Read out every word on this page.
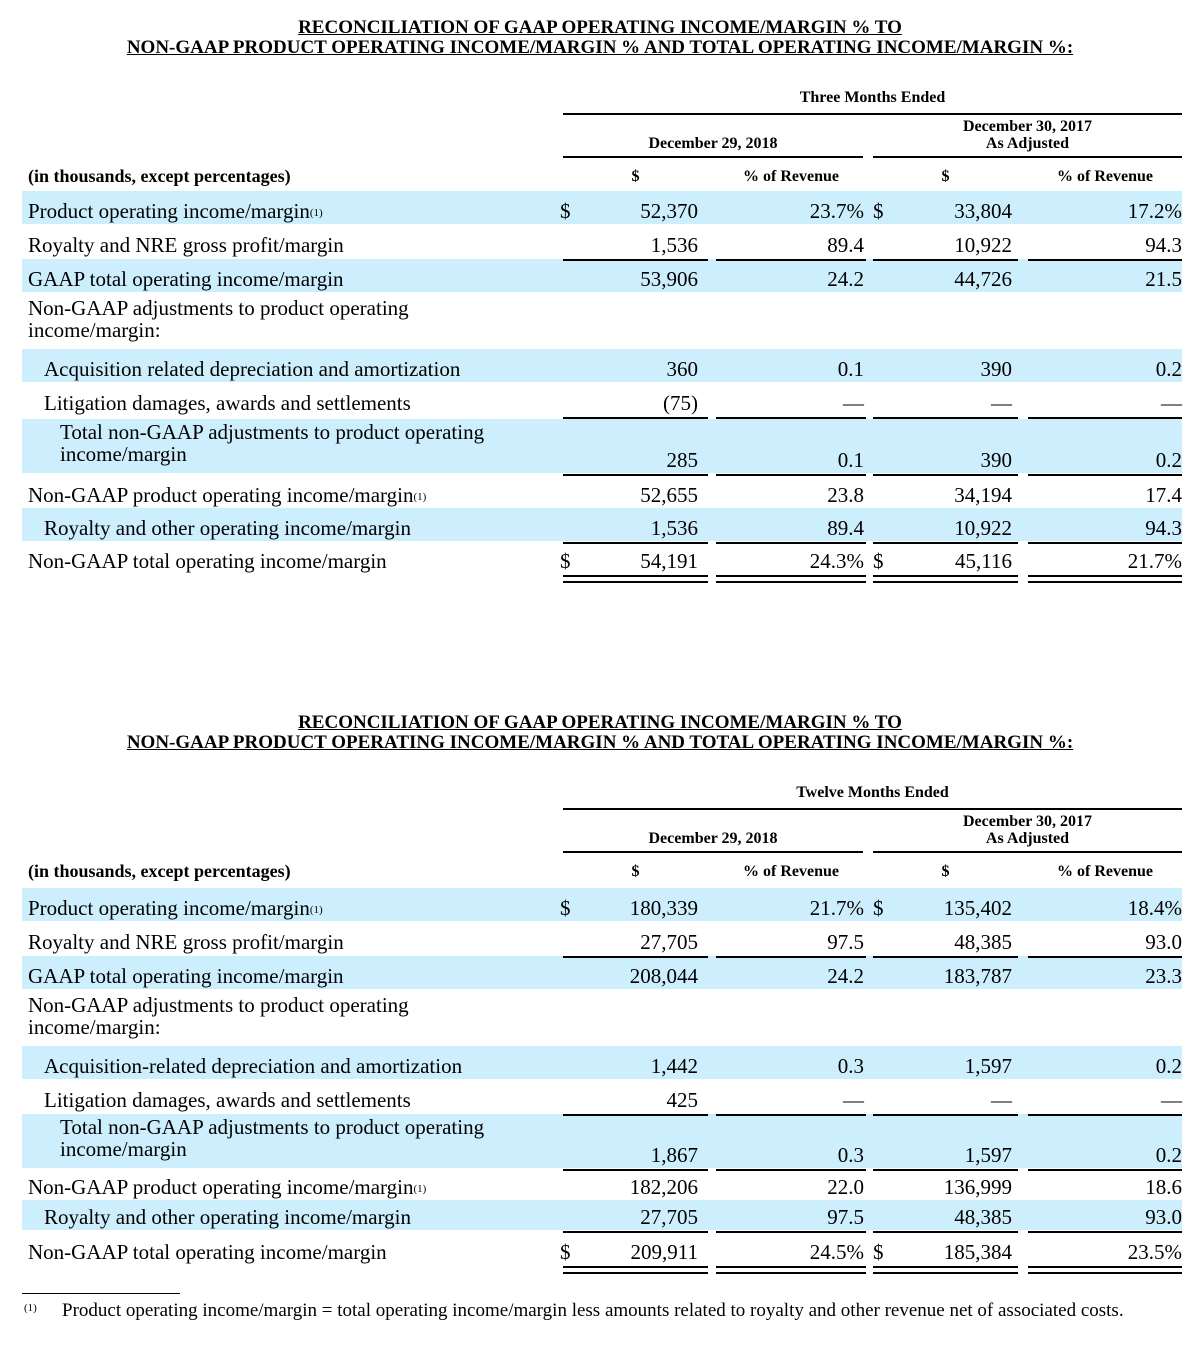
RECONCILIATION OF GAAP OPERATING INCOME/MARGIN % TO
NON-GAAP PRODUCT OPERATING INCOME/MARGIN % AND TOTAL OPERATING INCOME/MARGIN %:
Three Months Ended
December 29, 2018
December 30, 2017
As Adjusted
(in thousands, except percentages)	$	% of Revenue	$	% of Revenue
Product operating income/margin$^{(1)}$	$	52,370	23.7% $	33,804	17.2%
Royalty and NRE gross profit/margin	1,536	89.4	10,922	94.3
GAAP total operating income/margin	53,906	24.2	44,726	21.5
Non-GAAP adjustments to product operating income/margin:
Acquisition related depreciation and amortization	360	0.1	390	0.2
Litigation damages, awards and settlements	(75)	—	—	—
Total non-GAAP adjustments to product operating income/margin	285	0.1	390	0.2
Non-GAAP product operating income/margin$^{(1)}$	52,655	23.8	34,194	17.4
Royalty and other operating income/margin	1,536	89.4	10,922	94.3
Non-GAAP total operating income/margin	$	54,191	24.3% $	45,116	21.7%
RECONCILIATION OF GAAP OPERATING INCOME/MARGIN % TO
NON-GAAP PRODUCT OPERATING INCOME/MARGIN % AND TOTAL OPERATING INCOME/MARGIN %:
Twelve Months Ended
December 29, 2018
December 30, 2017
As Adjusted
(in thousands, except percentages)	$	% of Revenue	$	% of Revenue
Product operating income/margin$^{(1)}$	$	180,339	21.7% $	135,402	18.4%
Royalty and NRE gross profit/margin	27,705	97.5	48,385	93.0
GAAP total operating income/margin	208,044	24.2	183,787	23.3
Non-GAAP adjustments to product operating income/margin:
Acquisition-related depreciation and amortization	1,442	0.3	1,597	0.2
Litigation damages, awards and settlements	425	—	—	—
Total non-GAAP adjustments to product operating income/margin	1,867	0.3	1,597	0.2
Non-GAAP product operating income/margin$^{(1)}$	182,206	22.0	136,999	18.6
Royalty and other operating income/margin	27,705	97.5	48,385	93.0
Non-GAAP total operating income/margin	$	209,911	24.5% $	185,384	23.5%
(1) Product operating income/margin = total operating income/margin less amounts related to royalty and other revenue net of associated costs.
